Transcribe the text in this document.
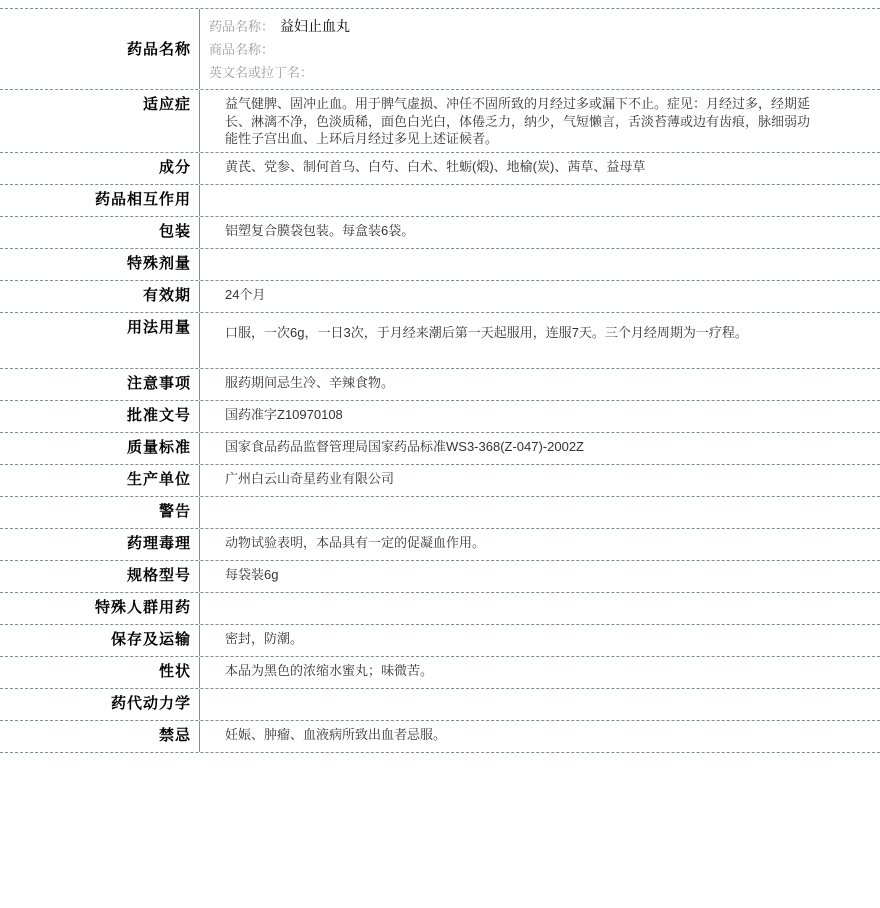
药品名称
药品名称： 益妇止血丸
商品名称：
英文名或拉丁名：
适应症	益气健脾、固冲止血。用于脾气虚损、冲任不固所致的月经过多或漏下不止。症见：月经过多，经期延长、淋漓不净，色淡质稀，面色白光白，体倦乏力，纳少，气短懒言，舌淡苔薄或边有齿痕，脉细弱功能性子宫出血、上环后月经过多见上述证候者。
成分	黄芪、党参、制何首乌、白芍、白术、牡蛎(煅)、地榆(炭)、茜草、益母草
药品相互作用
包装	铝塑复合膜袋包装。每盒装6袋。
特殊剂量
有效期	24个月
用法用量	口服，一次6g，一日3次，于月经来潮后第一天起服用，连服7天。三个月经周期为一疗程。
注意事项	服药期间忌生冷、辛辣食物。
批准文号	国药准字Z10970108
质量标准	国家食品药品监督管理局国家药品标准WS3-368(Z-047)-2002Z
生产单位	广州白云山奇星药业有限公司
警告
药理毒理	动物试验表明，本品具有一定的促凝血作用。
规格型号	每袋装6g
特殊人群用药
保存及运输	密封，防潮。
性状	本品为黑色的浓缩水蜜丸；味微苦。
药代动力学
禁忌	妊娠、肿瘤、血液病所致出血者忌服。
